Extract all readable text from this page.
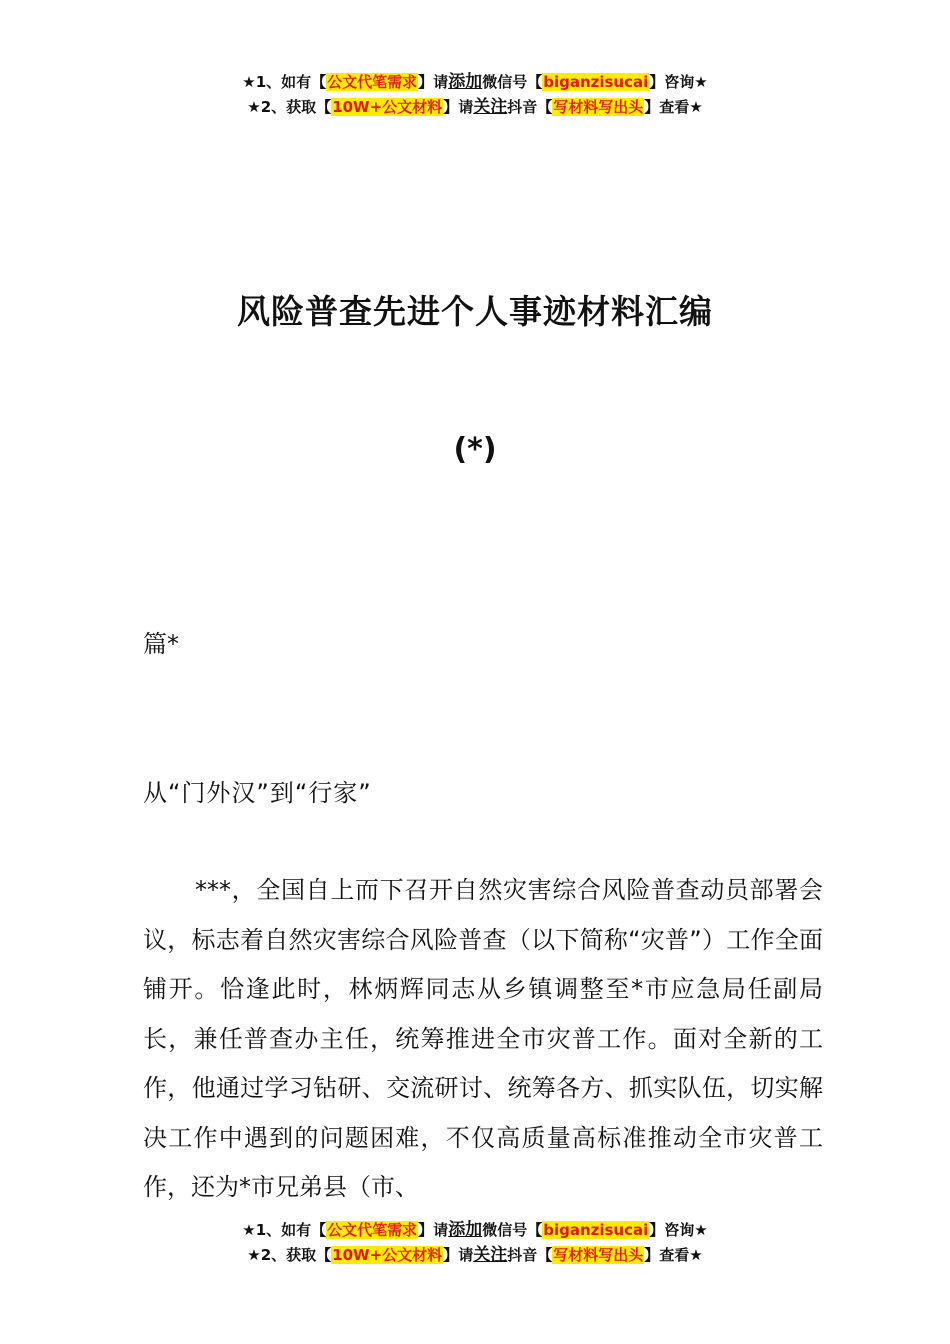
★1、如有【公文代笔需求】请添加微信号【biganzisucai】咨询★
★2、获取【10W+公文材料】请关注抖音【写材料写出头】查看★
风险普查先进个人事迹材料汇编
(*)
篇*
从“门外汉”到“行家”

***，全国自上而下召开自然灾害综合风险普查动员部署会议，标志着自然灾害综合风险普查（以下简称“灾普”）工作全面铺开。恰逢此时，林炳辉同志从乡镇调整至*市应急局任副局长，兼任普查办主任，统筹推进全市灾普工作。面对全新的工作，他通过学习钻研、交流研讨、统筹各方、抓实队伍，切实解决工作中遇到的问题困难，不仅高质量高标准推动全市灾普工作，还为*市兄弟县（市、

★1、如有【公文代笔需求】请添加微信号【biganzisucai】咨询★
★2、获取【10W+公文材料】请关注抖音【写材料写出头】查看★
